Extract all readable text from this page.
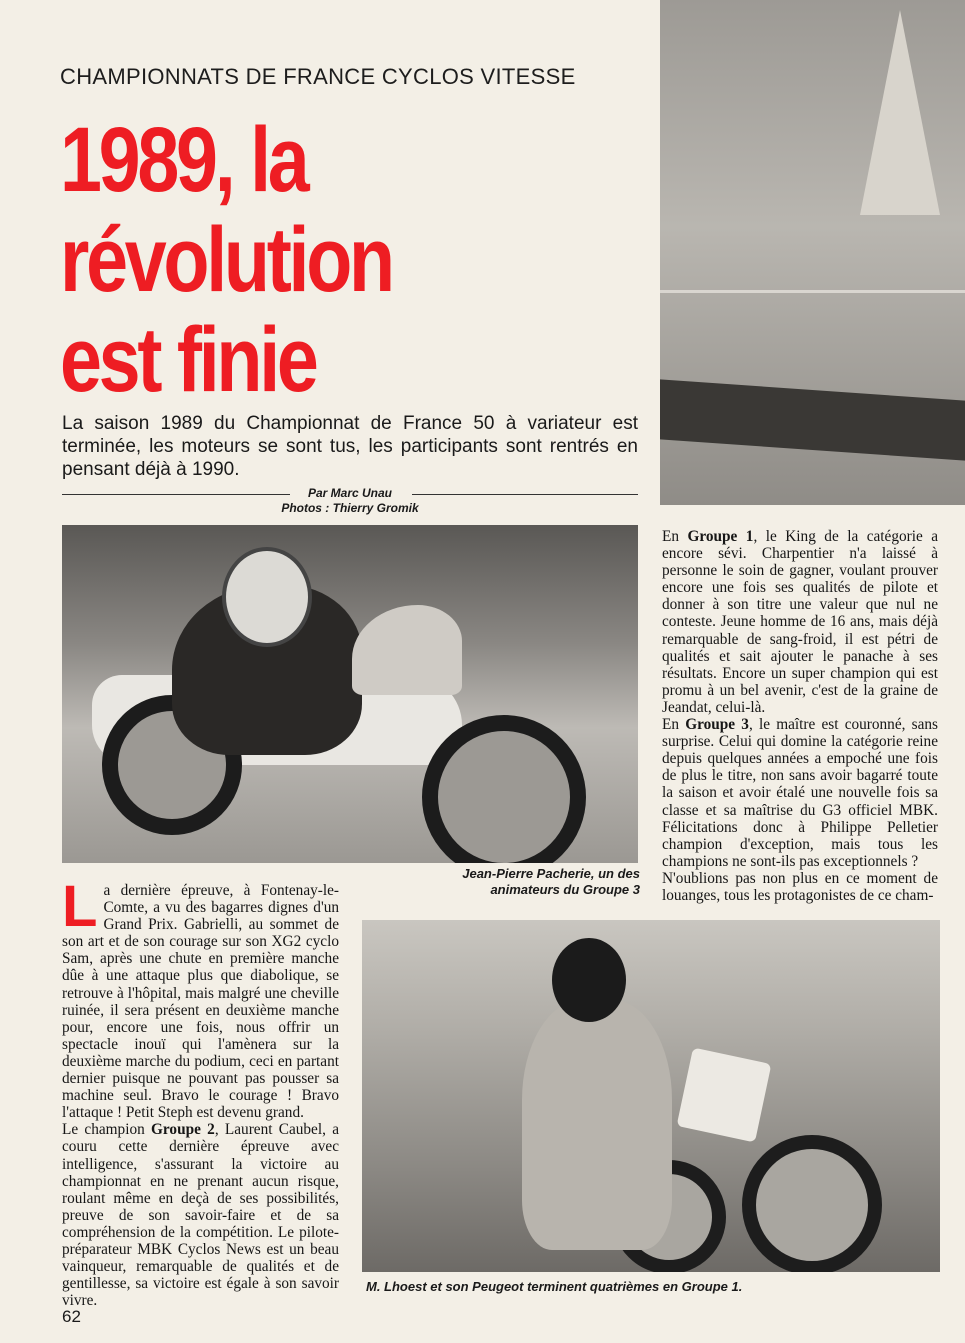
CHAMPIONNATS DE FRANCE CYCLOS VITESSE
1989, la
révolution
est finie
La saison 1989 du Championnat de France 50 à variateur est terminée, les moteurs se sont tus, les participants sont rentrés en pensant déjà à 1990.
Par Marc Unau
Photos : Thierry Gromik
Jean-Pierre Pacherie, un des animateurs du Groupe 3

La dernière épreuve, à Fontenay-le-Comte, a vu des bagarres dignes d'un Grand Prix. Gabrielli, au sommet de son art et de son courage sur son XG2 cyclo Sam, après une chute en première manche dûe à une attaque plus que diabolique, se retrouve à l'hôpital, mais malgré une cheville ruinée, il sera présent en deuxième manche pour, encore une fois, nous offrir un spectacle inouï qui l'amènera sur la deuxième marche du podium, ceci en partant dernier puisque ne pouvant pas pousser sa machine seul. Bravo le courage ! Bravo l'attaque ! Petit Steph est devenu grand.

Le champion Groupe 2, Laurent Caubel, a couru cette dernière épreuve avec intelligence, s'assurant la victoire au championnat en ne prenant aucun risque, roulant même en deçà de ses possibilités, preuve de son savoir-faire et de sa compréhension de la compétition. Le pilote-préparateur MBK Cyclos News est un beau vainqueur, remarquable de qualités et de gentillesse, sa victoire est égale à son savoir vivre.

En Groupe 1, le King de la catégorie a encore sévi. Charpentier n'a laissé à personne le soin de gagner, voulant prouver encore une fois ses qualités de pilote et donner à son titre une valeur que nul ne conteste. Jeune homme de 16 ans, mais déjà remarquable de sang-froid, il est pétri de qualités et sait ajouter le panache à ses résultats. Encore un super champion qui est promu à un bel avenir, c'est de la graine de Jeandat, celui-là.

En Groupe 3, le maître est couronné, sans surprise. Celui qui domine la catégorie reine depuis quelques années a empoché une fois de plus le titre, non sans avoir bagarré toute la saison et avoir étalé une nouvelle fois sa classe et sa maîtrise du G3 officiel MBK. Félicitations donc à Philippe Pelletier champion d'exception, mais tous les champions ne sont-ils pas exceptionnels ?

N'oublions pas non plus en ce moment de louanges, tous les protagonistes de ce cham-

M. Lhoest et son Peugeot terminent quatrièmes en Groupe 1.
62
